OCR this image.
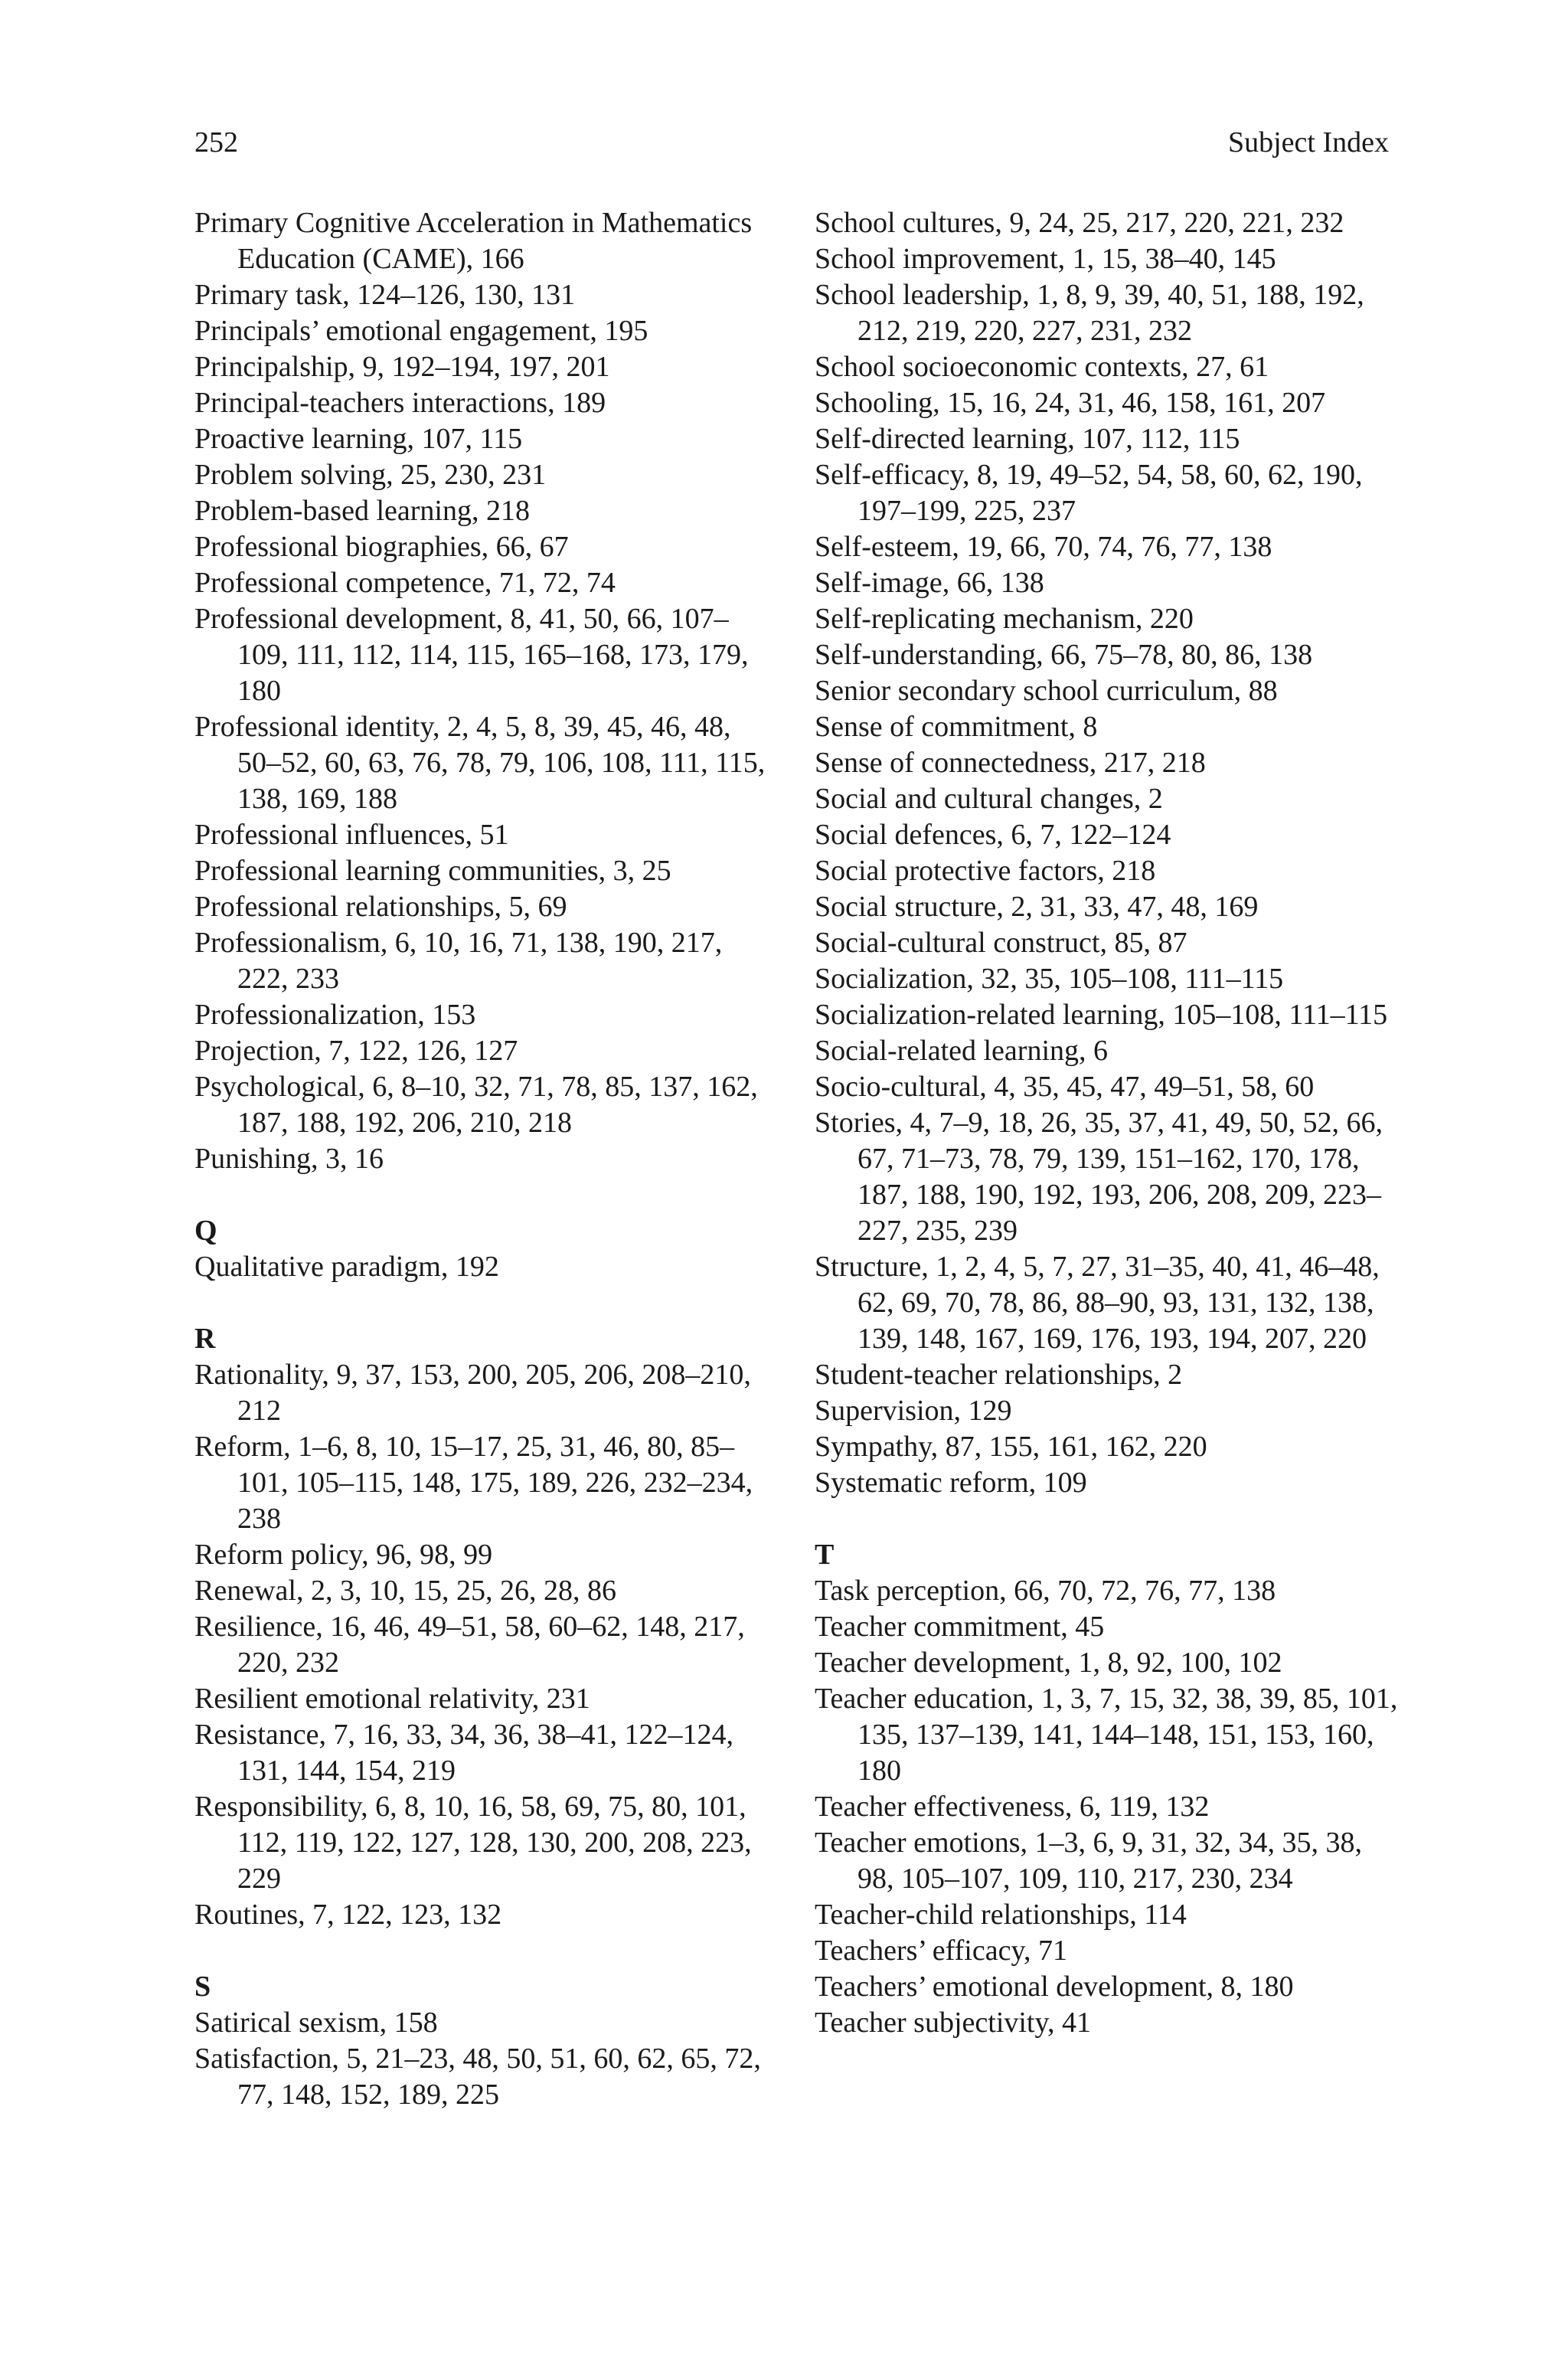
252	Subject Index
Primary Cognitive Acceleration in Mathematics Education (CAME), 166
Primary task, 124–126, 130, 131
Principals’ emotional engagement, 195
Principalship, 9, 192–194, 197, 201
Principal-teachers interactions, 189
Proactive learning, 107, 115
Problem solving, 25, 230, 231
Problem-based learning, 218
Professional biographies, 66, 67
Professional competence, 71, 72, 74
Professional development, 8, 41, 50, 66, 107–109, 111, 112, 114, 115, 165–168, 173, 179, 180
Professional identity, 2, 4, 5, 8, 39, 45, 46, 48, 50–52, 60, 63, 76, 78, 79, 106, 108, 111, 115, 138, 169, 188
Professional influences, 51
Professional learning communities, 3, 25
Professional relationships, 5, 69
Professionalism, 6, 10, 16, 71, 138, 190, 217, 222, 233
Professionalization, 153
Projection, 7, 122, 126, 127
Psychological, 6, 8–10, 32, 71, 78, 85, 137, 162, 187, 188, 192, 206, 210, 218
Punishing, 3, 16
Q
Qualitative paradigm, 192
R
Rationality, 9, 37, 153, 200, 205, 206, 208–210, 212
Reform, 1–6, 8, 10, 15–17, 25, 31, 46, 80, 85–101, 105–115, 148, 175, 189, 226, 232–234, 238
Reform policy, 96, 98, 99
Renewal, 2, 3, 10, 15, 25, 26, 28, 86
Resilience, 16, 46, 49–51, 58, 60–62, 148, 217, 220, 232
Resilient emotional relativity, 231
Resistance, 7, 16, 33, 34, 36, 38–41, 122–124, 131, 144, 154, 219
Responsibility, 6, 8, 10, 16, 58, 69, 75, 80, 101, 112, 119, 122, 127, 128, 130, 200, 208, 223, 229
Routines, 7, 122, 123, 132
S
Satirical sexism, 158
Satisfaction, 5, 21–23, 48, 50, 51, 60, 62, 65, 72, 77, 148, 152, 189, 225
School cultures, 9, 24, 25, 217, 220, 221, 232
School improvement, 1, 15, 38–40, 145
School leadership, 1, 8, 9, 39, 40, 51, 188, 192, 212, 219, 220, 227, 231, 232
School socioeconomic contexts, 27, 61
Schooling, 15, 16, 24, 31, 46, 158, 161, 207
Self-directed learning, 107, 112, 115
Self-efficacy, 8, 19, 49–52, 54, 58, 60, 62, 190, 197–199, 225, 237
Self-esteem, 19, 66, 70, 74, 76, 77, 138
Self-image, 66, 138
Self-replicating mechanism, 220
Self-understanding, 66, 75–78, 80, 86, 138
Senior secondary school curriculum, 88
Sense of commitment, 8
Sense of connectedness, 217, 218
Social and cultural changes, 2
Social defences, 6, 7, 122–124
Social protective factors, 218
Social structure, 2, 31, 33, 47, 48, 169
Social-cultural construct, 85, 87
Socialization, 32, 35, 105–108, 111–115
Socialization-related learning, 105–108, 111–115
Social-related learning, 6
Socio-cultural, 4, 35, 45, 47, 49–51, 58, 60
Stories, 4, 7–9, 18, 26, 35, 37, 41, 49, 50, 52, 66, 67, 71–73, 78, 79, 139, 151–162, 170, 178, 187, 188, 190, 192, 193, 206, 208, 209, 223–227, 235, 239
Structure, 1, 2, 4, 5, 7, 27, 31–35, 40, 41, 46–48, 62, 69, 70, 78, 86, 88–90, 93, 131, 132, 138, 139, 148, 167, 169, 176, 193, 194, 207, 220
Student-teacher relationships, 2
Supervision, 129
Sympathy, 87, 155, 161, 162, 220
Systematic reform, 109
T
Task perception, 66, 70, 72, 76, 77, 138
Teacher commitment, 45
Teacher development, 1, 8, 92, 100, 102
Teacher education, 1, 3, 7, 15, 32, 38, 39, 85, 101, 135, 137–139, 141, 144–148, 151, 153, 160, 180
Teacher effectiveness, 6, 119, 132
Teacher emotions, 1–3, 6, 9, 31, 32, 34, 35, 38, 98, 105–107, 109, 110, 217, 230, 234
Teacher-child relationships, 114
Teachers’ efficacy, 71
Teachers’ emotional development, 8, 180
Teacher subjectivity, 41
